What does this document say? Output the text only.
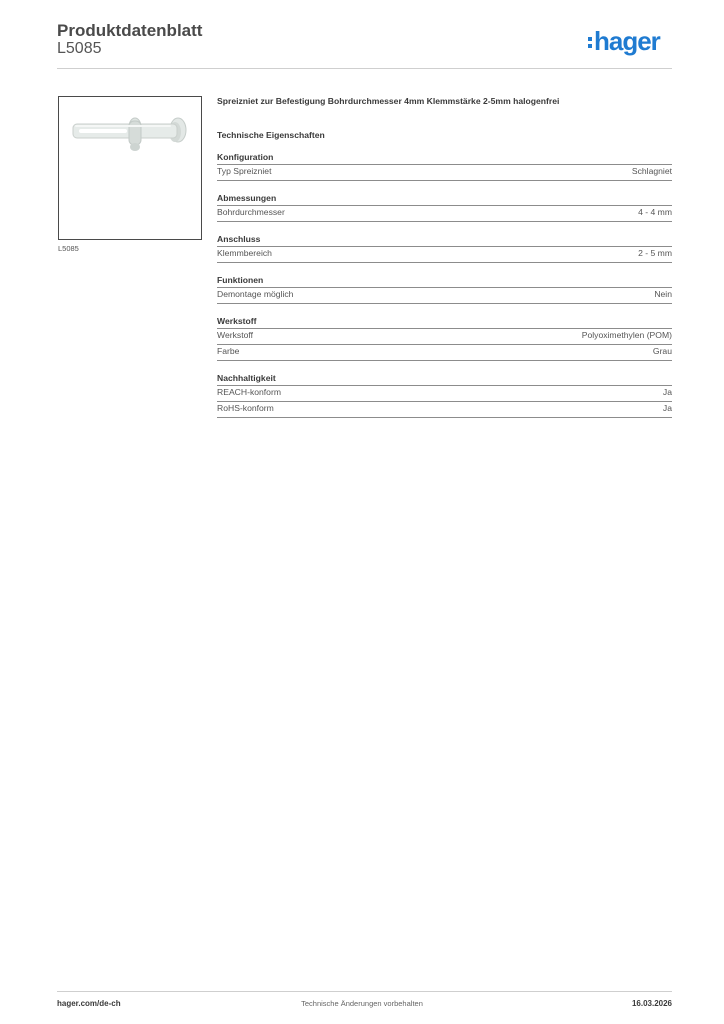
Produktdatenblatt
L5085	hager
L5085
Spreizniet zur Befestigung Bohrdurchmesser 4mm Klemmstärke 2-5mm halogenfrei
Technische Eigenschaften
Konfiguration
Typ Spreizniet	Schlagniet
Abmessungen
Bohrdurchmesser	4 - 4 mm
Anschluss
Klemmbereich	2 - 5 mm
Funktionen
Demontage möglich	Nein
Werkstoff
Werkstoff	Polyoximethylen (POM)
Farbe	Grau
Nachhaltigkeit
REACH-konform	Ja
RoHS-konform	Ja
hager.com/de-ch	Technische Änderungen vorbehalten	16.03.2026
